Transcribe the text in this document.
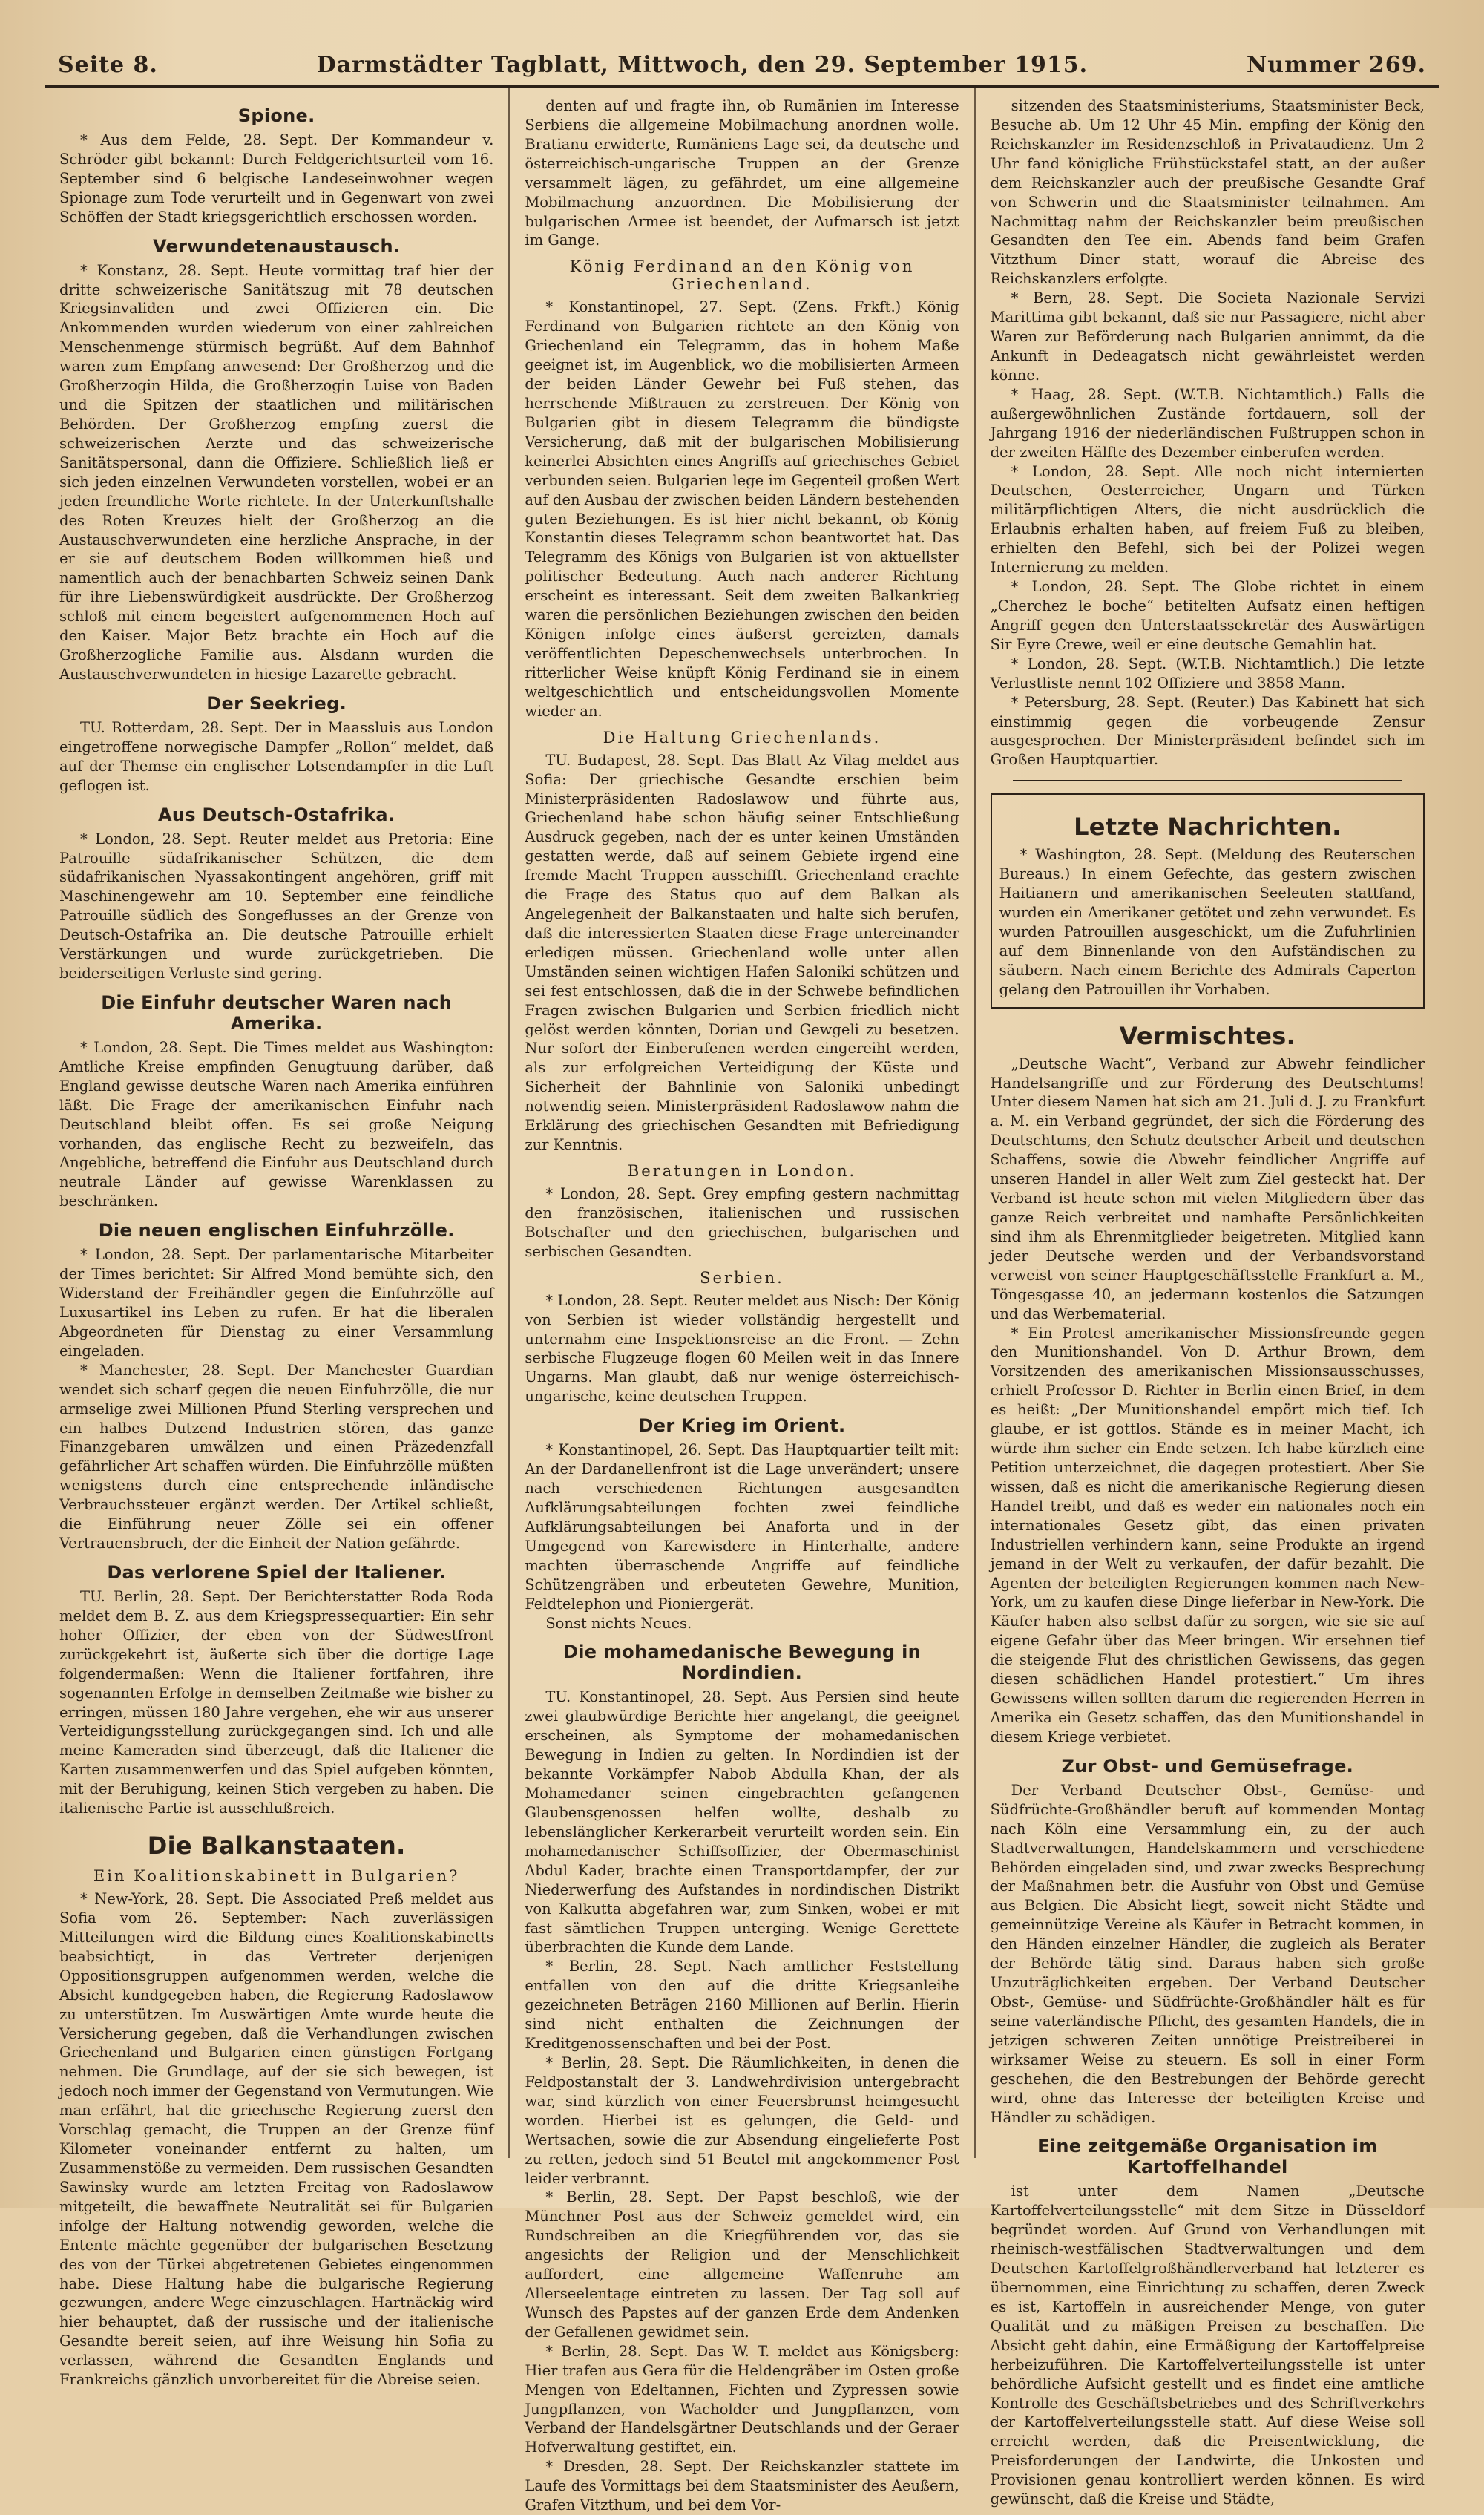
Seite 8.	Darmstädter Tagblatt, Mittwoch, den 29. September 1915.	Nummer 269.
Spione.

* Aus dem Felde, 28. Sept. Der Kommandeur v. Schröder gibt bekannt: Durch Feldgerichtsurteil vom 16. September sind 6 belgische Landeseinwohner wegen Spionage zum Tode verurteilt und in Gegenwart von zwei Schöffen der Stadt kriegsgerichtlich erschossen worden.

Verwundetenaustausch.

* Konstanz, 28. Sept. Heute vormittag traf hier der dritte schweizerische Sanitätszug mit 78 deutschen Kriegsinvaliden und zwei Offizieren ein. Die Ankommenden wurden wiederum von einer zahlreichen Menschenmenge stürmisch begrüßt. Auf dem Bahnhof waren zum Empfang anwesend: Der Großherzog und die Großherzogin Hilda, die Großherzogin Luise von Baden und die Spitzen der staatlichen und militärischen Behörden. Der Großherzog empfing zuerst die schweizerischen Aerzte und das schweizerische Sanitätspersonal, dann die Offiziere. Schließlich ließ er sich jeden einzelnen Verwundeten vorstellen, wobei er an jeden freundliche Worte richtete. In der Unterkunftshalle des Roten Kreuzes hielt der Großherzog an die Austauschverwundeten eine herzliche Ansprache, in der er sie auf deutschem Boden willkommen hieß und namentlich auch der benachbarten Schweiz seinen Dank für ihre Liebenswürdigkeit ausdrückte. Der Großherzog schloß mit einem begeistert aufgenommenen Hoch auf den Kaiser. Major Betz brachte ein Hoch auf die Großherzogliche Familie aus. Alsdann wurden die Austauschverwundeten in hiesige Lazarette gebracht.

Der Seekrieg.

TU. Rotterdam, 28. Sept. Der in Maassluis aus London eingetroffene norwegische Dampfer „Rollon“ meldet, daß auf der Themse ein englischer Lotsendampfer in die Luft geflogen ist.

Aus Deutsch-Ostafrika.

* London, 28. Sept. Reuter meldet aus Pretoria: Eine Patrouille südafrikanischer Schützen, die dem südafrikanischen Nyassakontingent angehören, griff mit Maschinengewehr am 10. September eine feindliche Patrouille südlich des Songeflusses an der Grenze von Deutsch-Ostafrika an. Die deutsche Patrouille erhielt Verstärkungen und wurde zurückgetrieben. Die beiderseitigen Verluste sind gering.

Die Einfuhr deutscher Waren nach Amerika.

* London, 28. Sept. Die Times meldet aus Washington: Amtliche Kreise empfinden Genugtuung darüber, daß England gewisse deutsche Waren nach Amerika einführen läßt. Die Frage der amerikanischen Einfuhr nach Deutschland bleibt offen. Es sei große Neigung vorhanden, das englische Recht zu bezweifeln, das Angebliche, betreffend die Einfuhr aus Deutschland durch neutrale Länder auf gewisse Warenklassen zu beschränken.

Die neuen englischen Einfuhrzölle.

* London, 28. Sept. Der parlamentarische Mitarbeiter der Times berichtet: Sir Alfred Mond bemühte sich, den Widerstand der Freihändler gegen die Einfuhrzölle auf Luxusartikel ins Leben zu rufen. Er hat die liberalen Abgeordneten für Dienstag zu einer Versammlung eingeladen.

* Manchester, 28. Sept. Der Manchester Guardian wendet sich scharf gegen die neuen Einfuhrzölle, die nur armselige zwei Millionen Pfund Sterling versprechen und ein halbes Dutzend Industrien stören, das ganze Finanzgebaren umwälzen und einen Präzedenzfall gefährlicher Art schaffen würden. Die Einfuhrzölle müßten wenigstens durch eine entsprechende inländische Verbrauchssteuer ergänzt werden. Der Artikel schließt, die Einführung neuer Zölle sei ein offener Vertrauensbruch, der die Einheit der Nation gefährde.

Das verlorene Spiel der Italiener.

TU. Berlin, 28. Sept. Der Berichterstatter Roda Roda meldet dem B. Z. aus dem Kriegspressequartier: Ein sehr hoher Offizier, der eben von der Südwestfront zurückgekehrt ist, äußerte sich über die dortige Lage folgendermaßen: Wenn die Italiener fortfahren, ihre sogenannten Erfolge in demselben Zeitmaße wie bisher zu erringen, müssen 180 Jahre vergehen, ehe wir aus unserer Verteidigungsstellung zurückgegangen sind. Ich und alle meine Kameraden sind überzeugt, daß die Italiener die Karten zusammenwerfen und das Spiel aufgeben könnten, mit der Beruhigung, keinen Stich vergeben zu haben. Die italienische Partie ist ausschlußreich.

Die Balkanstaaten.
Ein Koalitionskabinett in Bulgarien?

* New-York, 28. Sept. Die Associated Preß meldet aus Sofia vom 26. September: Nach zuverlässigen Mitteilungen wird die Bildung eines Koalitionskabinetts beabsichtigt, in das Vertreter derjenigen Oppositionsgruppen aufgenommen werden, welche die Absicht kundgegeben haben, die Regierung Radoslawow zu unterstützen. Im Auswärtigen Amte wurde heute die Versicherung gegeben, daß die Verhandlungen zwischen Griechenland und Bulgarien einen günstigen Fortgang nehmen. Die Grundlage, auf der sie sich bewegen, ist jedoch noch immer der Gegenstand von Vermutungen. Wie man erfährt, hat die griechische Regierung zuerst den Vorschlag gemacht, die Truppen an der Grenze fünf Kilometer voneinander entfernt zu halten, um Zusammenstöße zu vermeiden. Dem russischen Gesandten Sawinsky wurde am letzten Freitag von Radoslawow mitgeteilt, die bewaffnete Neutralität sei für Bulgarien infolge der Haltung notwendig geworden, welche die Entente mächte gegenüber der bulgarischen Besetzung des von der Türkei abgetretenen Gebietes eingenommen habe. Diese Haltung habe die bulgarische Regierung gezwungen, andere Wege einzuschlagen. Hartnäckig wird hier behauptet, daß der russische und der italienische Gesandte bereit seien, auf ihre Weisung hin Sofia zu verlassen, während die Gesandten Englands und Frankreichs gänzlich unvorbereitet für die Abreise seien.

denten auf und fragte ihn, ob Rumänien im Interesse Serbiens die allgemeine Mobilmachung anordnen wolle. Bratianu erwiderte, Rumäniens Lage sei, da deutsche und österreichisch-ungarische Truppen an der Grenze versammelt lägen, zu gefährdet, um eine allgemeine Mobilmachung anzuordnen. Die Mobilisierung der bulgarischen Armee ist beendet, der Aufmarsch ist jetzt im Gange.

König Ferdinand an den König von Griechenland.

* Konstantinopel, 27. Sept. (Zens. Frkft.) König Ferdinand von Bulgarien richtete an den König von Griechenland ein Telegramm, das in hohem Maße geeignet ist, im Augenblick, wo die mobilisierten Armeen der beiden Länder Gewehr bei Fuß stehen, das herrschende Mißtrauen zu zerstreuen. Der König von Bulgarien gibt in diesem Telegramm die bündigste Versicherung, daß mit der bulgarischen Mobilisierung keinerlei Absichten eines Angriffs auf griechisches Gebiet verbunden seien. Bulgarien lege im Gegenteil großen Wert auf den Ausbau der zwischen beiden Ländern bestehenden guten Beziehungen. Es ist hier nicht bekannt, ob König Konstantin dieses Telegramm schon beantwortet hat. Das Telegramm des Königs von Bulgarien ist von aktuellster politischer Bedeutung. Auch nach anderer Richtung erscheint es interessant. Seit dem zweiten Balkankrieg waren die persönlichen Beziehungen zwischen den beiden Königen infolge eines äußerst gereizten, damals veröffentlichten Depeschenwechsels unterbrochen. In ritterlicher Weise knüpft König Ferdinand sie in einem weltgeschichtlich und entscheidungsvollen Momente wieder an.

Die Haltung Griechenlands.

TU. Budapest, 28. Sept. Das Blatt Az Vilag meldet aus Sofia: Der griechische Gesandte erschien beim Ministerpräsidenten Radoslawow und führte aus, Griechenland habe schon häufig seiner Entschließung Ausdruck gegeben, nach der es unter keinen Umständen gestatten werde, daß auf seinem Gebiete irgend eine fremde Macht Truppen ausschifft. Griechenland erachte die Frage des Status quo auf dem Balkan als Angelegenheit der Balkanstaaten und halte sich berufen, daß die interessierten Staaten diese Frage untereinander erledigen müssen. Griechenland wolle unter allen Umständen seinen wichtigen Hafen Saloniki schützen und sei fest entschlossen, daß die in der Schwebe befindlichen Fragen zwischen Bulgarien und Serbien friedlich nicht gelöst werden könnten, Dorian und Gewgeli zu besetzen. Nur sofort der Einberufenen werden eingereiht werden, als zur erfolgreichen Verteidigung der Küste und Sicherheit der Bahnlinie von Saloniki unbedingt notwendig seien. Ministerpräsident Radoslawow nahm die Erklärung des griechischen Gesandten mit Befriedigung zur Kenntnis.

Beratungen in London.

* London, 28. Sept. Grey empfing gestern nachmittag den französischen, italienischen und russischen Botschafter und den griechischen, bulgarischen und serbischen Gesandten.

Serbien.

* London, 28. Sept. Reuter meldet aus Nisch: Der König von Serbien ist wieder vollständig hergestellt und unternahm eine Inspektionsreise an die Front. — Zehn serbische Flugzeuge flogen 60 Meilen weit in das Innere Ungarns. Man glaubt, daß nur wenige österreichisch-ungarische, keine deutschen Truppen.

Der Krieg im Orient.

* Konstantinopel, 26. Sept. Das Hauptquartier teilt mit: An der Dardanellenfront ist die Lage unverändert; unsere nach verschiedenen Richtungen ausgesandten Aufklärungsabteilungen fochten zwei feindliche Aufklärungsabteilungen bei Anaforta und in der Umgegend von Karewisdere in Hinterhalte, andere machten überraschende Angriffe auf feindliche Schützengräben und erbeuteten Gewehre, Munition, Feldtelephon und Pioniergerät.

Sonst nichts Neues.

Die mohamedanische Bewegung in Nordindien.

TU. Konstantinopel, 28. Sept. Aus Persien sind heute zwei glaubwürdige Berichte hier angelangt, die geeignet erscheinen, als Symptome der mohamedanischen Bewegung in Indien zu gelten. In Nordindien ist der bekannte Vorkämpfer Nabob Abdulla Khan, der als Mohamedaner seinen eingebrachten gefangenen Glaubensgenossen helfen wollte, deshalb zu lebenslänglicher Kerkerarbeit verurteilt worden sein. Ein mohamedanischer Schiffsoffizier, der Obermaschinist Abdul Kader, brachte einen Transportdampfer, der zur Niederwerfung des Aufstandes in nordindischen Distrikt von Kalkutta abgefahren war, zum Sinken, wobei er mit fast sämtlichen Truppen unterging. Wenige Gerettete überbrachten die Kunde dem Lande.

* Berlin, 28. Sept. Nach amtlicher Feststellung entfallen von den auf die dritte Kriegsanleihe gezeichneten Beträgen 2160 Millionen auf Berlin. Hierin sind nicht enthalten die Zeichnungen der Kreditgenossenschaften und bei der Post.

* Berlin, 28. Sept. Die Räumlichkeiten, in denen die Feldpostanstalt der 3. Landwehrdivision untergebracht war, sind kürzlich von einer Feuersbrunst heimgesucht worden. Hierbei ist es gelungen, die Geld- und Wertsachen, sowie die zur Absendung eingelieferte Post zu retten, jedoch sind 51 Beutel mit angekommener Post leider verbrannt.

* Berlin, 28. Sept. Der Papst beschloß, wie der Münchner Post aus der Schweiz gemeldet wird, ein Rundschreiben an die Kriegführenden vor, das sie angesichts der Religion und der Menschlichkeit auffordert, eine allgemeine Waffenruhe am Allerseelentage eintreten zu lassen. Der Tag soll auf Wunsch des Papstes auf der ganzen Erde dem Andenken der Gefallenen gewidmet sein.

* Berlin, 28. Sept. Das W. T. meldet aus Königsberg: Hier trafen aus Gera für die Heldengräber im Osten große Mengen von Edeltannen, Fichten und Zypressen sowie Jungpflanzen, von Wacholder und Jungpflanzen, vom Verband der Handelsgärtner Deutschlands und der Geraer Hofverwaltung gestiftet, ein.

* Dresden, 28. Sept. Der Reichskanzler stattete im Laufe des Vormittags bei dem Staatsminister des Aeußern, Grafen Vitzthum, und bei dem Vor-

sitzenden des Staatsministeriums, Staatsminister Beck, Besuche ab. Um 12 Uhr 45 Min. empfing der König den Reichskanzler im Residenzschloß in Privataudienz. Um 2 Uhr fand königliche Frühstückstafel statt, an der außer dem Reichskanzler auch der preußische Gesandte Graf von Schwerin und die Staatsminister teilnahmen. Am Nachmittag nahm der Reichskanzler beim preußischen Gesandten den Tee ein. Abends fand beim Grafen Vitzthum Diner statt, worauf die Abreise des Reichskanzlers erfolgte.

* Bern, 28. Sept. Die Societa Nazionale Servizi Marittima gibt bekannt, daß sie nur Passagiere, nicht aber Waren zur Beförderung nach Bulgarien annimmt, da die Ankunft in Dedeagatsch nicht gewährleistet werden könne.

* Haag, 28. Sept. (W.T.B. Nichtamtlich.) Falls die außergewöhnlichen Zustände fortdauern, soll der Jahrgang 1916 der niederländischen Fußtruppen schon in der zweiten Hälfte des Dezember einberufen werden.

* London, 28. Sept. Alle noch nicht internierten Deutschen, Oesterreicher, Ungarn und Türken militärpflichtigen Alters, die nicht ausdrücklich die Erlaubnis erhalten haben, auf freiem Fuß zu bleiben, erhielten den Befehl, sich bei der Polizei wegen Internierung zu melden.

* London, 28. Sept. The Globe richtet in einem „Cherchez le boche“ betitelten Aufsatz einen heftigen Angriff gegen den Unterstaatssekretär des Auswärtigen Sir Eyre Crewe, weil er eine deutsche Gemahlin hat.

* London, 28. Sept. (W.T.B. Nichtamtlich.) Die letzte Verlustliste nennt 102 Offiziere und 3858 Mann.

* Petersburg, 28. Sept. (Reuter.) Das Kabinett hat sich einstimmig gegen die vorbeugende Zensur ausgesprochen. Der Ministerpräsident befindet sich im Großen Hauptquartier.

Letzte Nachrichten.

* Washington, 28. Sept. (Meldung des Reuterschen Bureaus.) In einem Gefechte, das gestern zwischen Haitianern und amerikanischen Seeleuten stattfand, wurden ein Amerikaner getötet und zehn verwundet. Es wurden Patrouillen ausgeschickt, um die Zufuhrlinien auf dem Binnenlande von den Aufständischen zu säubern. Nach einem Berichte des Admirals Caperton gelang den Patrouillen ihr Vorhaben.

Vermischtes.

„Deutsche Wacht“, Verband zur Abwehr feindlicher Handelsangriffe und zur Förderung des Deutschtums! Unter diesem Namen hat sich am 21. Juli d. J. zu Frankfurt a. M. ein Verband gegründet, der sich die Förderung des Deutschtums, den Schutz deutscher Arbeit und deutschen Schaffens, sowie die Abwehr feindlicher Angriffe auf unseren Handel in aller Welt zum Ziel gesteckt hat. Der Verband ist heute schon mit vielen Mitgliedern über das ganze Reich verbreitet und namhafte Persönlichkeiten sind ihm als Ehrenmitglieder beigetreten. Mitglied kann jeder Deutsche werden und der Verbandsvorstand verweist von seiner Hauptgeschäftsstelle Frankfurt a. M., Töngesgasse 40, an jedermann kostenlos die Satzungen und das Werbematerial.

* Ein Protest amerikanischer Missionsfreunde gegen den Munitionshandel. Von D. Arthur Brown, dem Vorsitzenden des amerikanischen Missionsausschusses, erhielt Professor D. Richter in Berlin einen Brief, in dem es heißt: „Der Munitionshandel empört mich tief. Ich glaube, er ist gottlos. Stände es in meiner Macht, ich würde ihm sicher ein Ende setzen. Ich habe kürzlich eine Petition unterzeichnet, die dagegen protestiert. Aber Sie wissen, daß es nicht die amerikanische Regierung diesen Handel treibt, und daß es weder ein nationales noch ein internationales Gesetz gibt, das einen privaten Industriellen verhindern kann, seine Produkte an irgend jemand in der Welt zu verkaufen, der dafür bezahlt. Die Agenten der beteiligten Regierungen kommen nach New-York, um zu kaufen diese Dinge lieferbar in New-York. Die Käufer haben also selbst dafür zu sorgen, wie sie sie auf eigene Gefahr über das Meer bringen. Wir ersehnen tief die steigende Flut des christlichen Gewissens, das gegen diesen schädlichen Handel protestiert.“ Um ihres Gewissens willen sollten darum die regierenden Herren in Amerika ein Gesetz schaffen, das den Munitionshandel in diesem Kriege verbietet.

Zur Obst- und Gemüsefrage.

Der Verband Deutscher Obst-, Gemüse- und Südfrüchte-Großhändler beruft auf kommenden Montag nach Köln eine Versammlung ein, zu der auch Stadtverwaltungen, Handelskammern und verschiedene Behörden eingeladen sind, und zwar zwecks Besprechung der Maßnahmen betr. die Ausfuhr von Obst und Gemüse aus Belgien. Die Absicht liegt, soweit nicht Städte und gemeinnützige Vereine als Käufer in Betracht kommen, in den Händen einzelner Händler, die zugleich als Berater der Behörde tätig sind. Daraus haben sich große Unzuträglichkeiten ergeben. Der Verband Deutscher Obst-, Gemüse- und Südfrüchte-Großhändler hält es für seine vaterländische Pflicht, des gesamten Handels, die in jetzigen schweren Zeiten unnötige Preistreiberei in wirksamer Weise zu steuern. Es soll in einer Form geschehen, die den Bestrebungen der Behörde gerecht wird, ohne das Interesse der beteiligten Kreise und Händler zu schädigen.

Eine zeitgemäße Organisation im Kartoffelhandel

ist unter dem Namen „Deutsche Kartoffelverteilungsstelle“ mit dem Sitze in Düsseldorf begründet worden. Auf Grund von Verhandlungen mit rheinisch-westfälischen Stadtverwaltungen und dem Deutschen Kartoffelgroßhändlerverband hat letzterer es übernommen, eine Einrichtung zu schaffen, deren Zweck es ist, Kartoffeln in ausreichender Menge, von guter Qualität und zu mäßigen Preisen zu beschaffen. Die Absicht geht dahin, eine Ermäßigung der Kartoffelpreise herbeizuführen. Die Kartoffelverteilungsstelle ist unter behördliche Aufsicht gestellt und es findet eine amtliche Kontrolle des Geschäftsbetriebes und des Schriftverkehrs der Kartoffelverteilungsstelle statt. Auf diese Weise soll erreicht werden, daß die Preisentwicklung, die Preisforderungen der Landwirte, die Unkosten und Provisionen genau kontrolliert werden können. Es wird gewünscht, daß die Kreise und Städte,
